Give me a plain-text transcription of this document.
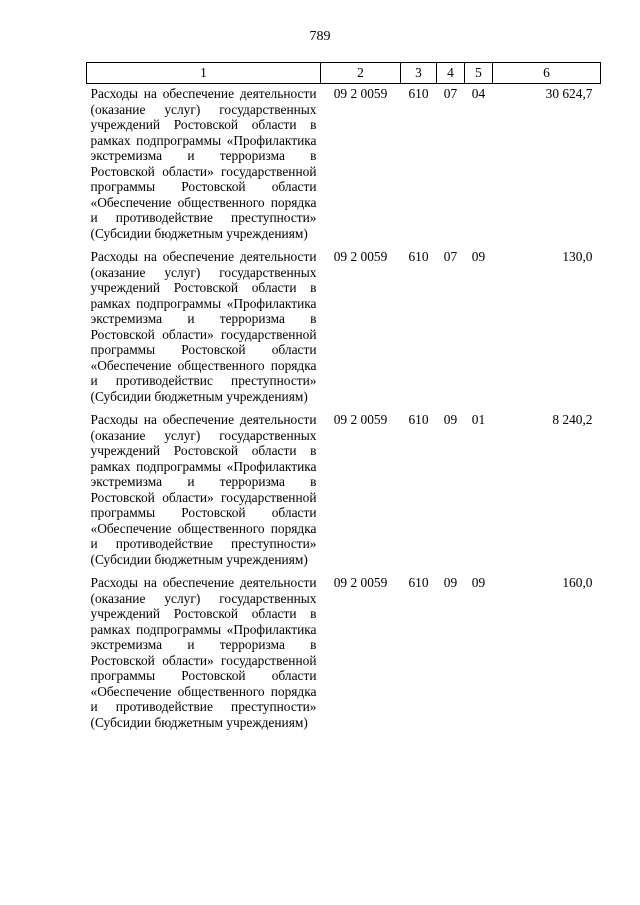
789
1	2	3	4	5	6

Расходы на обеспечение деятельности (оказание услуг) государственных учреждений Ростовской области в рамках подпрограммы «Профилактика экстремизма и терроризма в Ростовской области» государственной программы Ростовской области «Обеспечение общественного порядка и противодействие преступности» (Субсидии бюджетным учреждениям)	09 2 0059	610	07	04	30 624,7

Расходы на обеспечение деятельности (оказание услуг) государственных учреждений Ростовской области в рамках подпрограммы «Профилактика экстремизма и терроризма в Ростовской области» государственной программы Ростовской области «Обеспечение общественного порядка и противодействис преступности» (Субсидии бюджетным учреждениям)	09 2 0059	610	07	09	130,0

Расходы на обеспечение деятельности (оказание услуг) государственных учреждений Ростовской области в рамках подпрограммы «Профилактика экстремизма и терроризма в Ростовской области» государственной программы Ростовской области «Обеспечение общественного порядка и противодействие преступности» (Субсидии бюджетным учреждениям)	09 2 0059	610	09	01	8 240,2

Расходы на обеспечение деятельности (оказание услуг) государственных учреждений Ростовской области в рамках подпрограммы «Профилактика экстремизма и терроризма в Ростовской области» государственной программы Ростовской области «Обеспечение общественного порядка и противодействие преступности» (Субсидии бюджетным учреждениям)	09 2 0059	610	09	09	160,0
